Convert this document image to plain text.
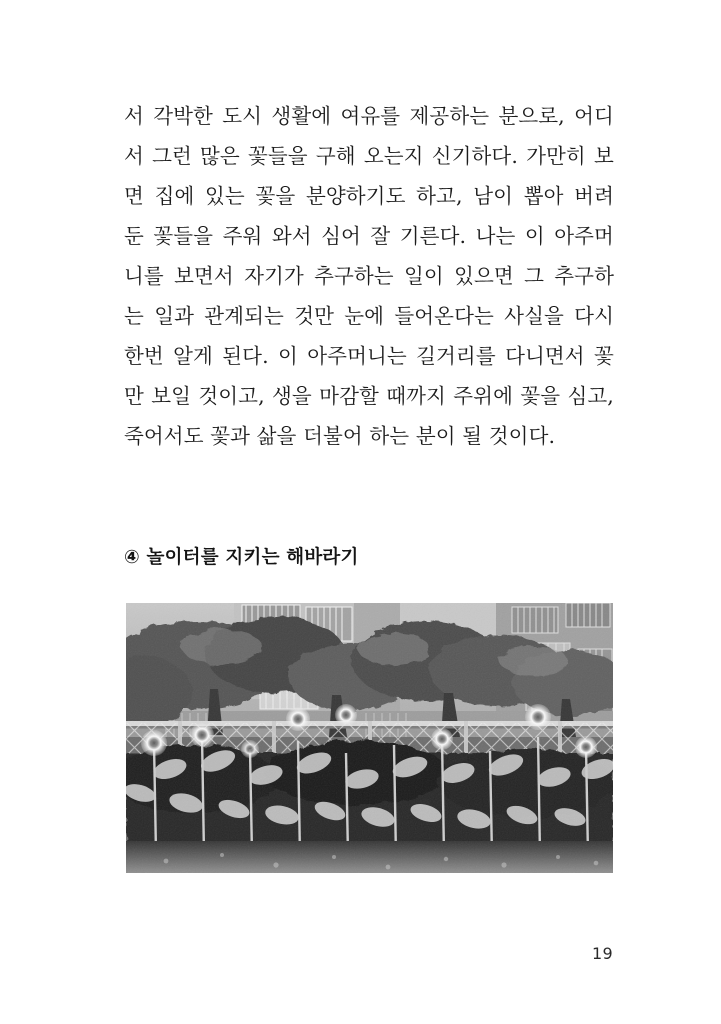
서 각박한 도시 생활에 여유를 제공하는 분으로, 어디
서 그런 많은 꽃들을 구해 오는지 신기하다. 가만히 보
면 집에 있는 꽃을 분양하기도 하고, 남이 뽑아 버려
둔 꽃들을 주워 와서 심어 잘 기른다. 나는 이 아주머
니를 보면서 자기가 추구하는 일이 있으면 그 추구하
는 일과 관계되는 것만 눈에 들어온다는 사실을 다시
한번 알게 된다. 이 아주머니는 길거리를 다니면서 꽃
만 보일 것이고, 생을 마감할 때까지 주위에 꽃을 심고,
죽어서도 꽃과 삶을 더불어 하는 분이 될 것이다.
④ 놀이터를 지키는 해바라기
19
